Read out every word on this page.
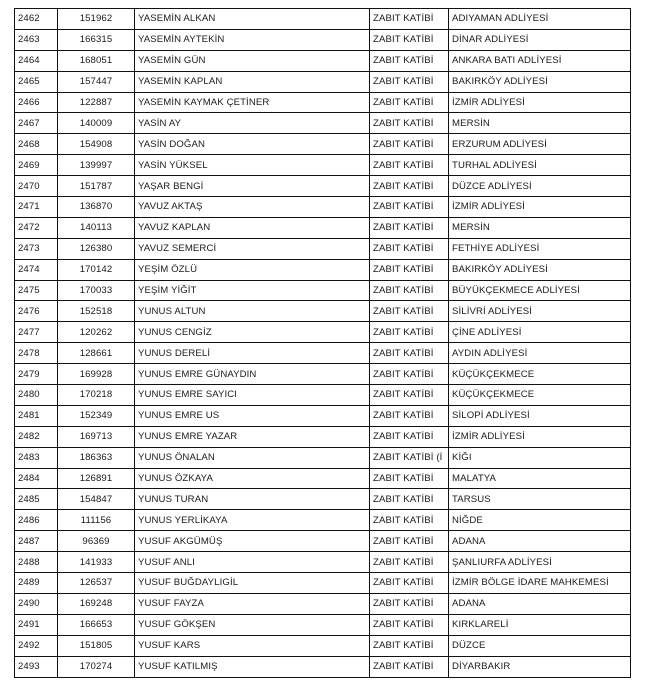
2462	151962	YASEMİN ALKAN	ZABIT KATİBİ	ADIYAMAN ADLİYESİ
2463	166315	YASEMİN AYTEKİN	ZABIT KATİBİ	DİNAR ADLİYESİ
2464	168051	YASEMİN GÜN	ZABIT KATİBİ	ANKARA BATI ADLİYESİ
2465	157447	YASEMİN KAPLAN	ZABIT KATİBİ	BAKIRKÖY ADLİYESİ
2466	122887	YASEMİN KAYMAK ÇETİNER	ZABIT KATİBİ	İZMİR ADLİYESİ
2467	140009	YASİN AY	ZABIT KATİBİ	MERSİN
2468	154908	YASİN DOĞAN	ZABIT KATİBİ	ERZURUM ADLİYESİ
2469	139997	YASİN YÜKSEL	ZABIT KATİBİ	TURHAL ADLİYESİ
2470	151787	YAŞAR BENGİ	ZABIT KATİBİ	DÜZCE ADLİYESİ
2471	136870	YAVUZ AKTAŞ	ZABIT KATİBİ	İZMİR ADLİYESİ
2472	140113	YAVUZ KAPLAN	ZABIT KATİBİ	MERSİN
2473	126380	YAVUZ SEMERCİ	ZABIT KATİBİ	FETHİYE ADLİYESİ
2474	170142	YEŞİM ÖZLÜ	ZABIT KATİBİ	BAKIRKÖY ADLİYESİ
2475	170033	YEŞİM YİĞİT	ZABIT KATİBİ	BÜYÜKÇEKMECE ADLİYESİ
2476	152518	YUNUS ALTUN	ZABIT KATİBİ	SİLİVRİ ADLİYESİ
2477	120262	YUNUS CENGİZ	ZABIT KATİBİ	ÇİNE ADLİYESİ
2478	128661	YUNUS DERELİ	ZABIT KATİBİ	AYDIN ADLİYESİ
2479	169928	YUNUS EMRE GÜNAYDIN	ZABIT KATİBİ	KÜÇÜKÇEKMECE
2480	170218	YUNUS EMRE SAYICI	ZABIT KATİBİ	KÜÇÜKÇEKMECE
2481	152349	YUNUS EMRE US	ZABIT KATİBİ	SİLOPİ ADLİYESİ
2482	169713	YUNUS EMRE YAZAR	ZABIT KATİBİ	İZMİR ADLİYESİ
2483	186363	YUNUS ÖNALAN	ZABIT KATİBİ (İ	KİĞI
2484	126891	YUNUS ÖZKAYA	ZABIT KATİBİ	MALATYA
2485	154847	YUNUS TURAN	ZABIT KATİBİ	TARSUS
2486	111156	YUNUS YERLİKAYA	ZABIT KATİBİ	NİĞDE
2487	96369	YUSUF AKGÜMÜŞ	ZABIT KATİBİ	ADANA
2488	141933	YUSUF ANLI	ZABIT KATİBİ	ŞANLIURFA ADLİYESİ
2489	126537	YUSUF BUĞDAYLIGİL	ZABIT KATİBİ	İZMİR BÖLGE İDARE MAHKEMESİ
2490	169248	YUSUF FAYZA	ZABIT KATİBİ	ADANA
2491	166653	YUSUF GÖKŞEN	ZABIT KATİBİ	KIRKLARELİ
2492	151805	YUSUF KARS	ZABIT KATİBİ	DÜZCE
2493	170274	YUSUF KATILMIŞ	ZABIT KATİBİ	DİYARBAKIR
